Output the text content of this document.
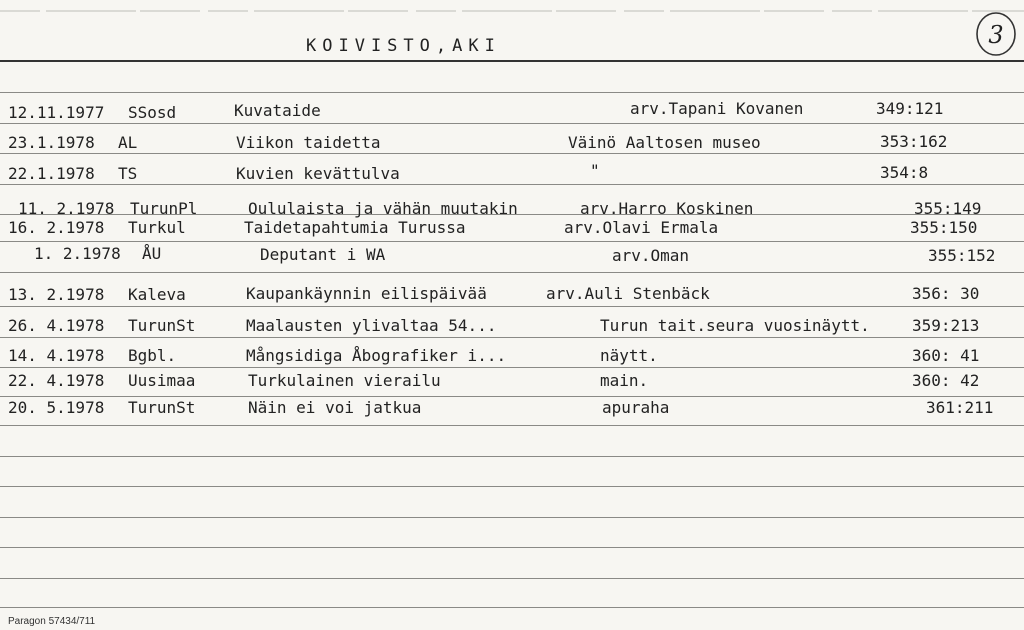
KOIVISTO,AKI	3
12.11.1977 SSosd	Kuvataide	arv.Tapani Kovanen	349:121
23.1.1978 AL	Viikon taidetta	Väinö Aaltosen museo	353:162
22.1.1978 TS	Kuvien kevättulva	"	354:8
11. 2.1978 TurunPl	Oululaista ja vähän muutakin	arv.Harro Koskinen	355:149
16. 2.1978 Turkul	Taidetapahtumia Turussa	arv.Olavi Ermala	355:150
1. 2.1978 ÅU	Deputant i WA	arv.Oman	355:152
13. 2.1978 Kaleva	Kaupankäynnin eilispäivää	arv.Auli Stenbäck	356: 30
26. 4.1978 TurunSt	Maalausten ylivaltaa 54...	Turun tait.seura vuosinäytt.	359:213
14. 4.1978 Bgbl.	Mångsidiga Åbografiker i...	näytt.	360: 41
22. 4.1978 Uusimaa	Turkulainen vierailu	main.	360: 42
20. 5.1978 TurunSt	Näin ei voi jatkua	apuraha	361:211
Paragon 57434/711
